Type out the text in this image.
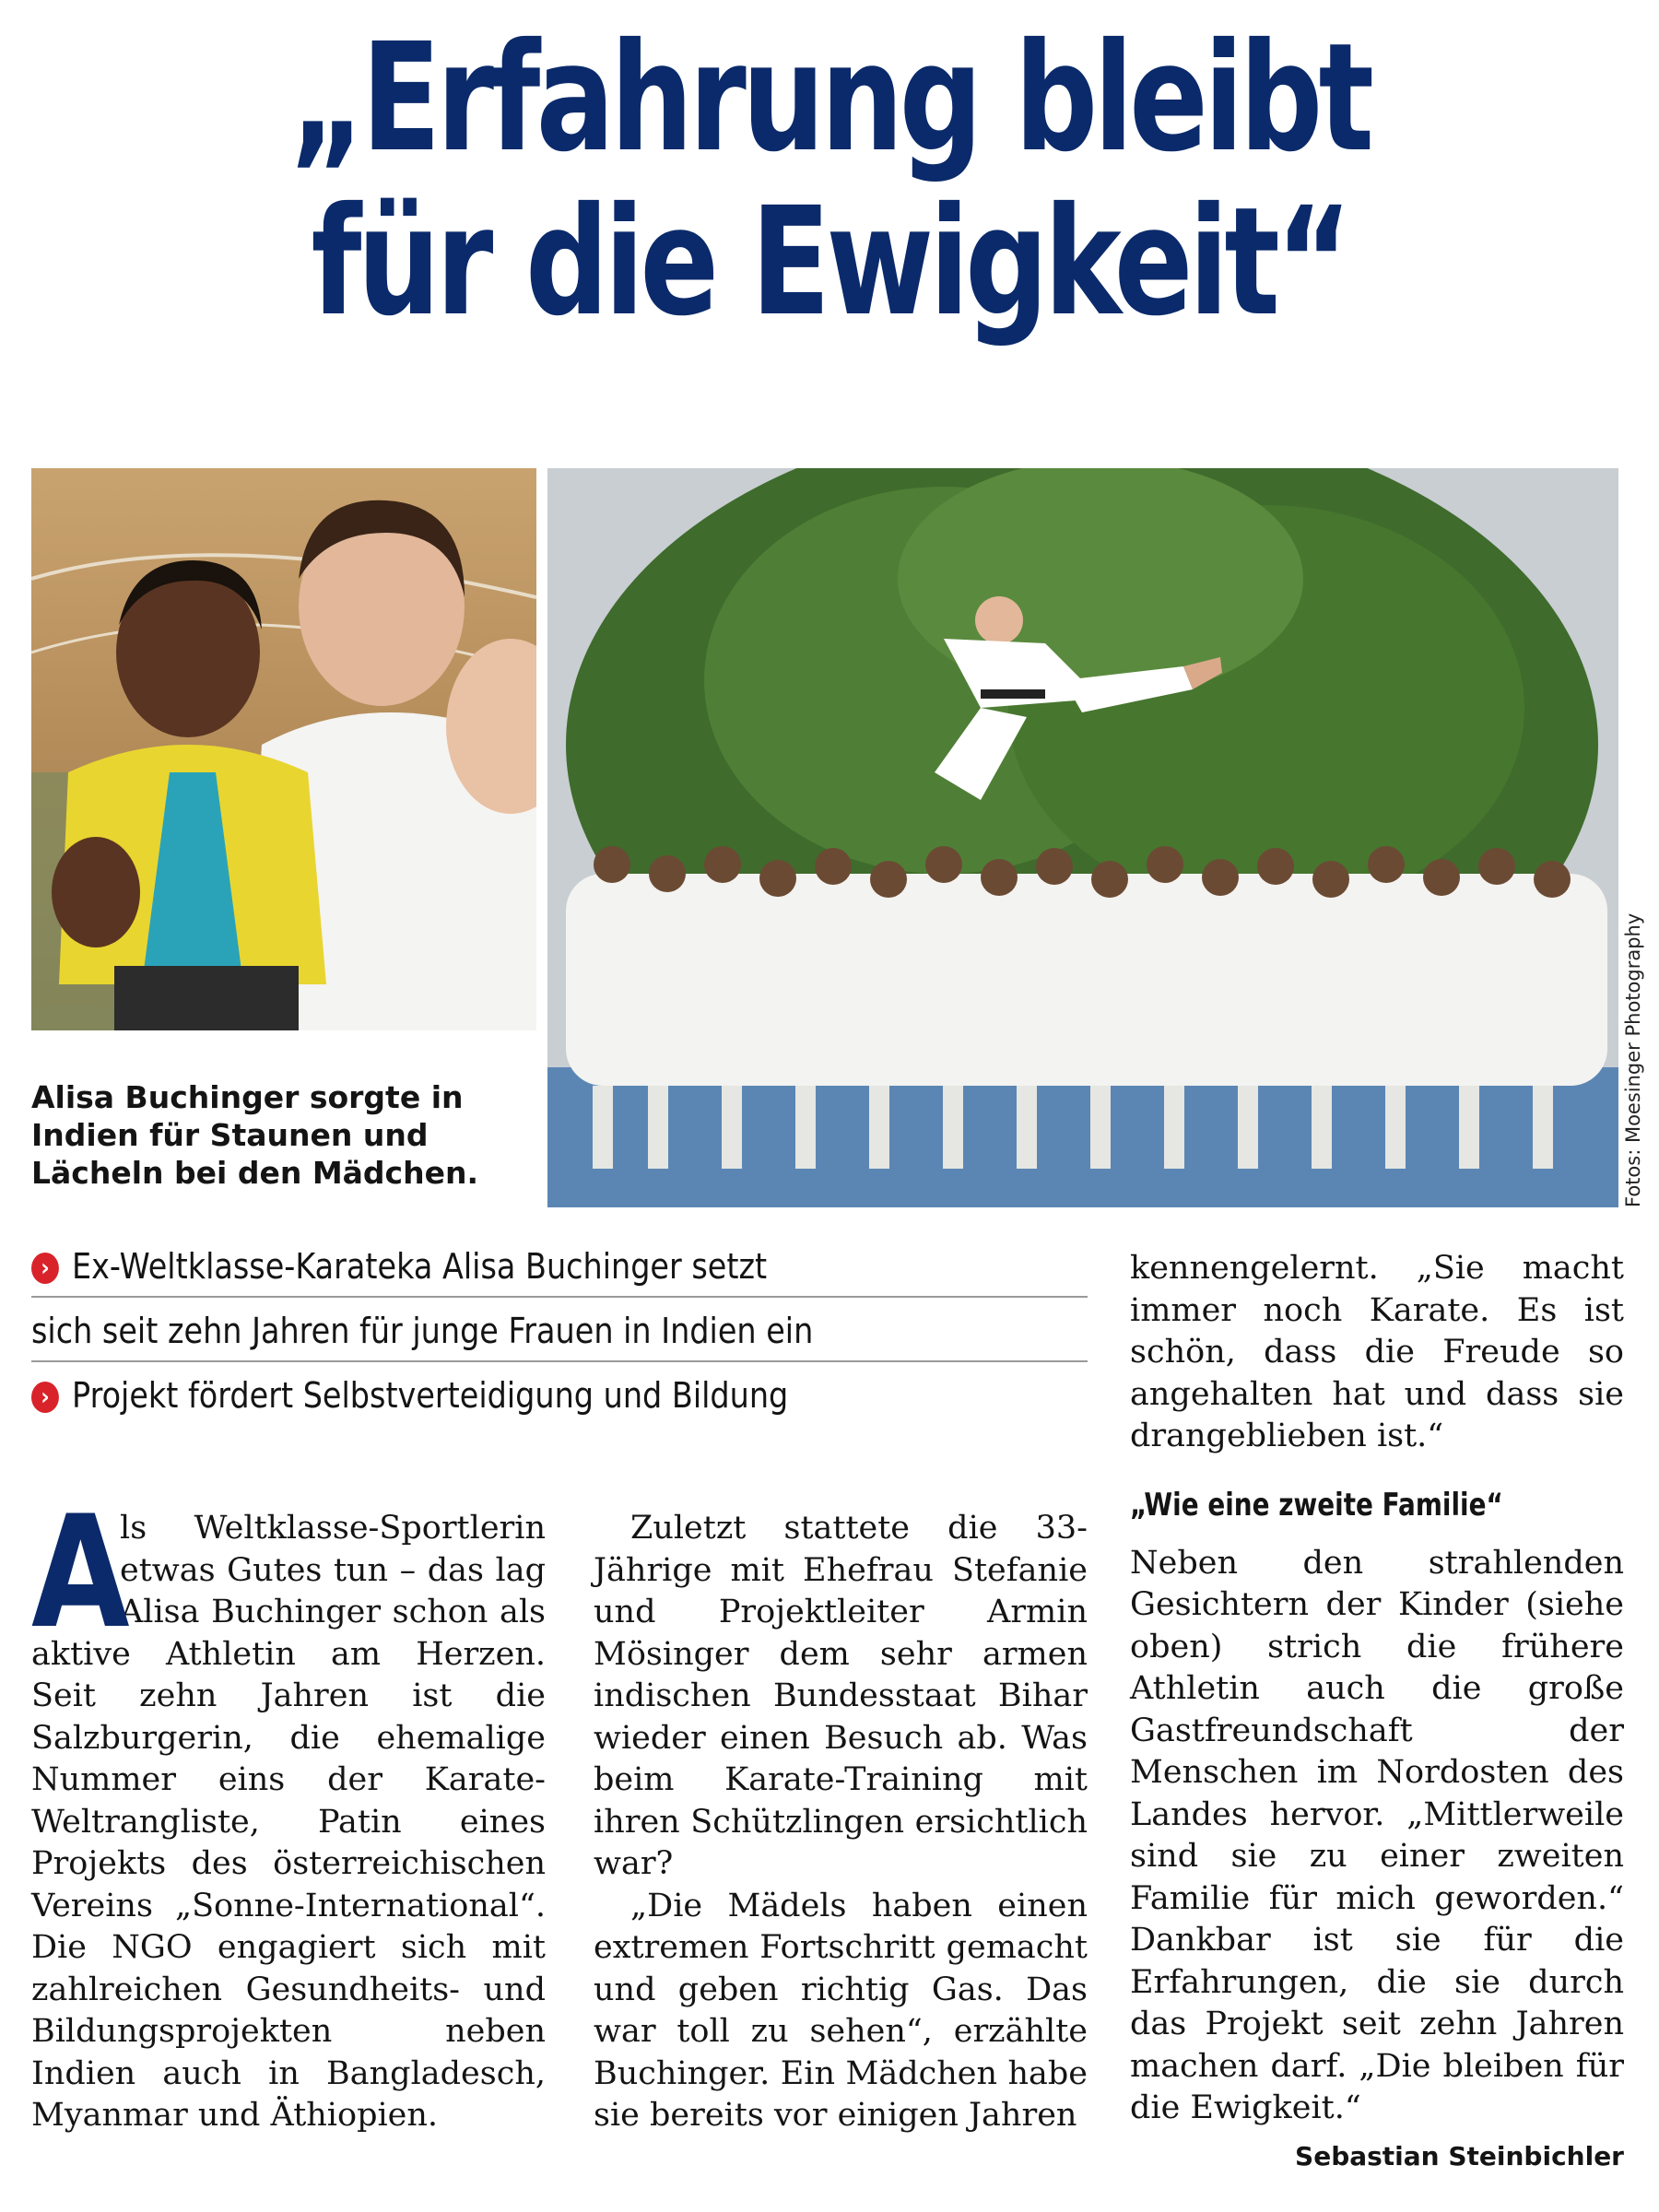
„Erfahrung bleibt
für die Ewigkeit“
Alisa Buchinger sorgte in Indien für Staunen und Lächeln bei den Mädchen.	Fotos: Moesinger Photography
› Ex-Weltklasse-Karateka Alisa Buchinger setzt
sich seit zehn Jahren für junge Frauen in Indien ein
› Projekt fördert Selbstverteidigung und Bildung
A

ls Weltklasse-Sportlerin etwas Gutes tun – das lag Alisa Buchinger schon als aktive Athletin am Herzen. Seit zehn Jahren ist die Salzburgerin, die ehemalige Nummer eins der Karate-Weltrangliste, Patin eines Projekts des österreichischen Vereins „Sonne-International“. Die NGO engagiert sich mit zahlreichen Gesundheits- und Bildungsprojekten neben Indien auch in Bangladesch, Myanmar und Äthiopien.

Zuletzt stattete die 33-Jährige mit Ehefrau Stefanie und Projektleiter Armin Mösinger dem sehr armen indischen Bundesstaat Bihar wieder einen Besuch ab. Was beim Karate-Training mit ihren Schützlingen ersichtlich war?

„Die Mädels haben einen extremen Fortschritt gemacht und geben richtig Gas. Das war toll zu sehen“, erzählte Buchinger. Ein Mädchen habe sie bereits vor einigen Jahren

kennengelernt. „Sie macht immer noch Karate. Es ist schön, dass die Freude so angehalten hat und dass sie drangeblieben ist.“

„Wie eine zweite Familie“

Neben den strahlenden Gesichtern der Kinder (siehe oben) strich die frühere Athletin auch die große Gastfreundschaft der Menschen im Nordosten des Landes hervor. „Mittlerweile sind sie zu einer zweiten Familie für mich geworden.“ Dankbar ist sie für die Erfahrungen, die sie durch das Projekt seit zehn Jahren machen darf. „Die bleiben für die Ewigkeit.“

Sebastian Steinbichler
